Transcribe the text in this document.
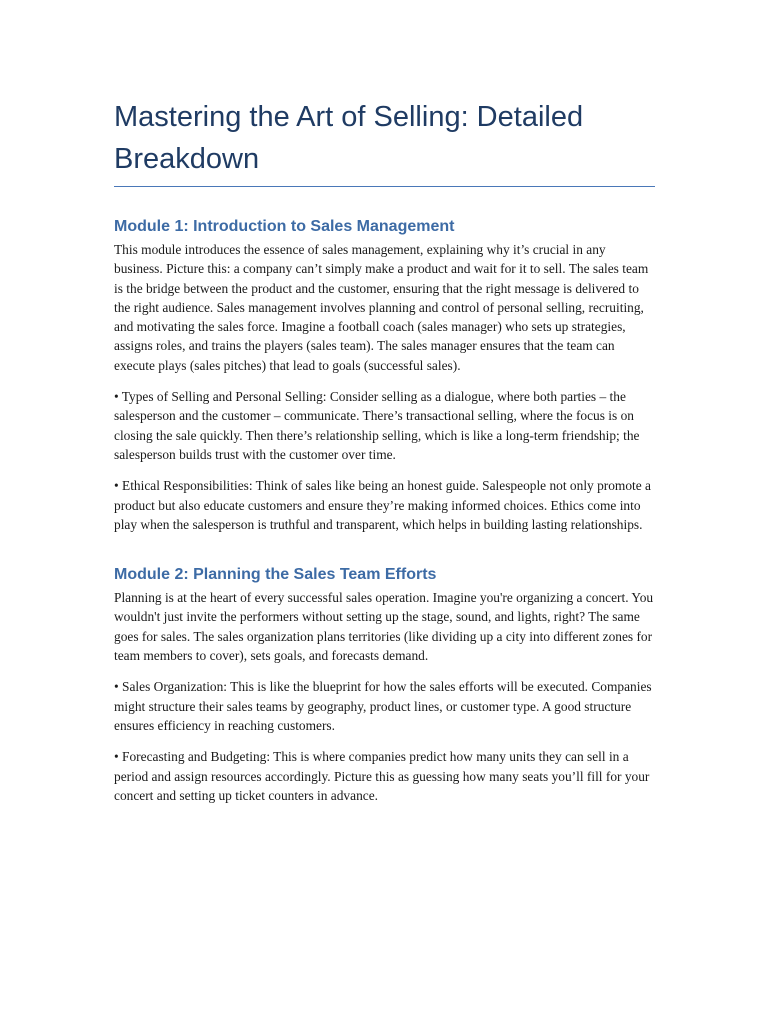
Mastering the Art of Selling: Detailed Breakdown
Module 1: Introduction to Sales Management

This module introduces the essence of sales management, explaining why it’s crucial in any business. Picture this: a company can’t simply make a product and wait for it to sell. The sales team is the bridge between the product and the customer, ensuring that the right message is delivered to the right audience. Sales management involves planning and control of personal selling, recruiting, and motivating the sales force. Imagine a football coach (sales manager) who sets up strategies, assigns roles, and trains the players (sales team). The sales manager ensures that the team can execute plays (sales pitches) that lead to goals (successful sales).

• Types of Selling and Personal Selling: Consider selling as a dialogue, where both parties – the salesperson and the customer – communicate. There’s transactional selling, where the focus is on closing the sale quickly. Then there’s relationship selling, which is like a long-term friendship; the salesperson builds trust with the customer over time.

• Ethical Responsibilities: Think of sales like being an honest guide. Salespeople not only promote a product but also educate customers and ensure they’re making informed choices. Ethics come into play when the salesperson is truthful and transparent, which helps in building lasting relationships.

Module 2: Planning the Sales Team Efforts

Planning is at the heart of every successful sales operation. Imagine you're organizing a concert. You wouldn't just invite the performers without setting up the stage, sound, and lights, right? The same goes for sales. The sales organization plans territories (like dividing up a city into different zones for team members to cover), sets goals, and forecasts demand.

• Sales Organization: This is like the blueprint for how the sales efforts will be executed. Companies might structure their sales teams by geography, product lines, or customer type. A good structure ensures efficiency in reaching customers.

• Forecasting and Budgeting: This is where companies predict how many units they can sell in a period and assign resources accordingly. Picture this as guessing how many seats you’ll fill for your concert and setting up ticket counters in advance.
